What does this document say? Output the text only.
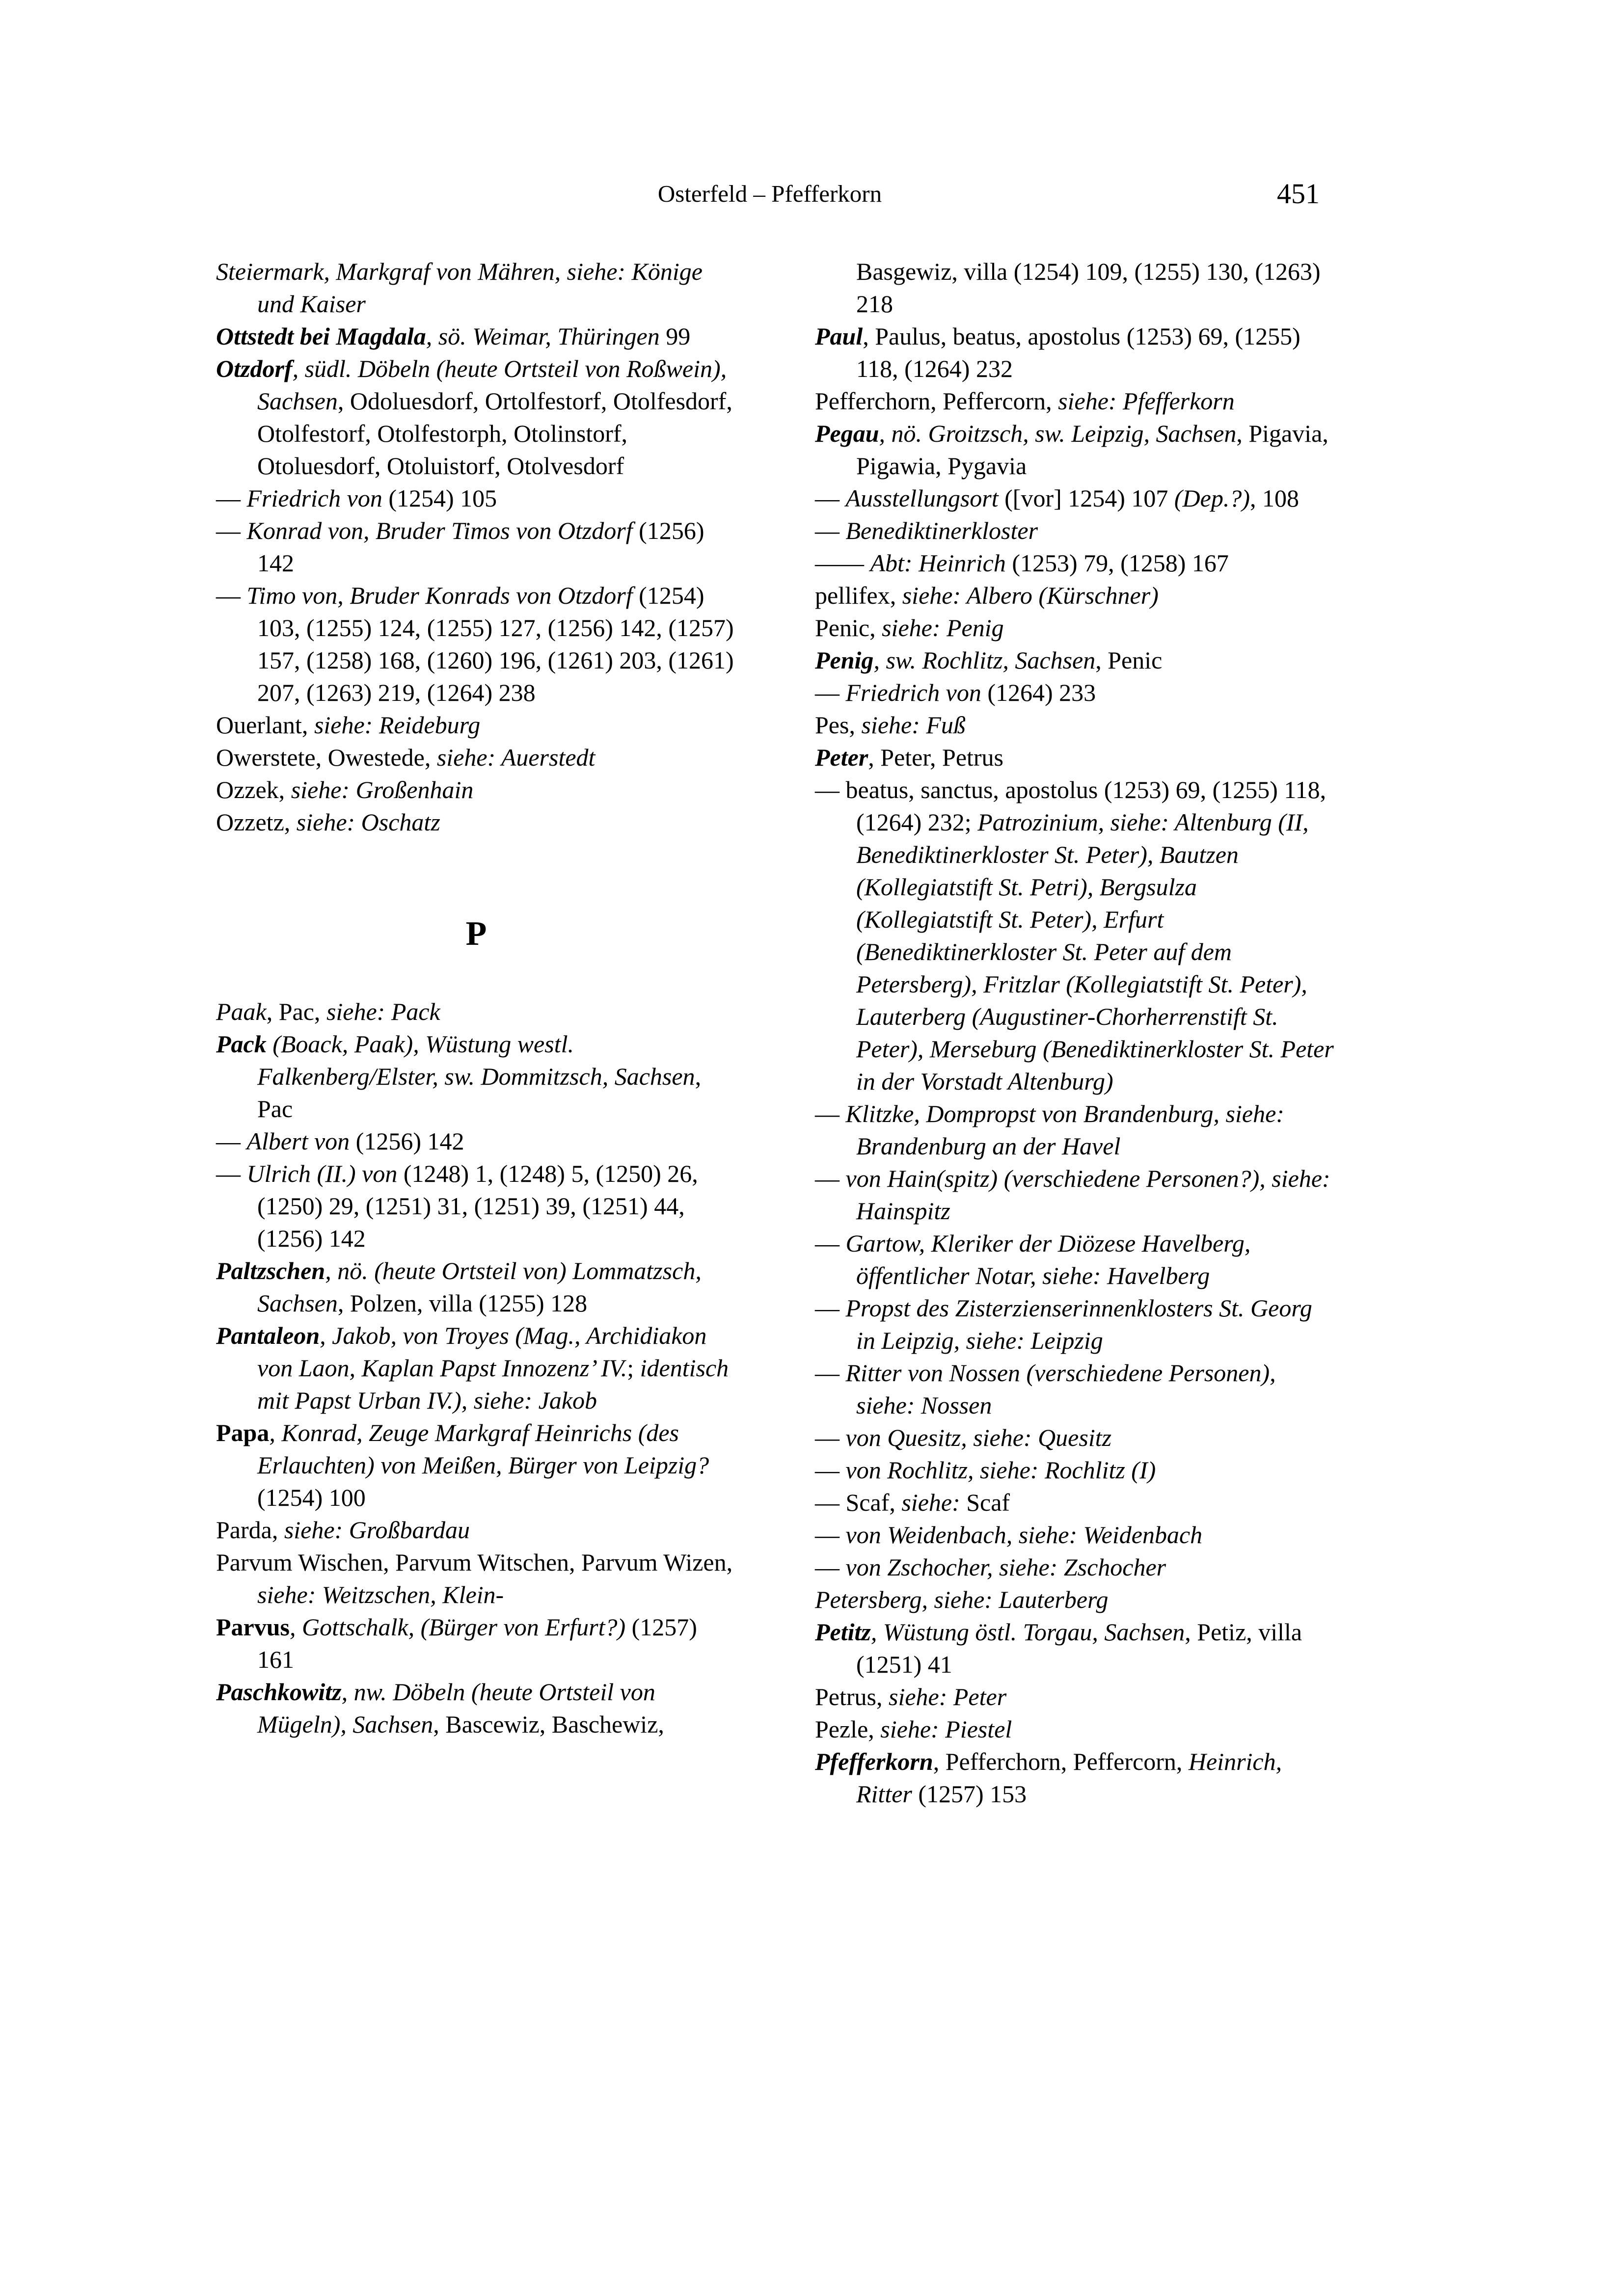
Osterfeld – Pfefferkorn	451
Steiermark, Markgraf von Mähren, siehe: Könige und Kaiser
Ottstedt bei Magdala, sö. Weimar, Thüringen 99
Otzdorf, südl. Döbeln (heute Ortsteil von Roßwein), Sachsen, Odoluesdorf, Ortolfestorf, Otolfesdorf, Otolfestorf, Otolfestorph, Otolinstorf, Otoluesdorf, Otoluistorf, Otolvesdorf
— Friedrich von (1254) 105
— Konrad von, Bruder Timos von Otzdorf (1256) 142
— Timo von, Bruder Konrads von Otzdorf (1254) 103, (1255) 124, (1255) 127, (1256) 142, (1257) 157, (1258) 168, (1260) 196, (1261) 203, (1261) 207, (1263) 219, (1264) 238
Ouerlant, siehe: Reideburg
Owerstete, Owestede, siehe: Auerstedt
Ozzek, siehe: Großenhain
Ozzetz, siehe: Oschatz
P
Paak, Pac, siehe: Pack
Pack (Boack, Paak), Wüstung westl. Falkenberg/Elster, sw. Dommitzsch, Sachsen, Pac
— Albert von (1256) 142
— Ulrich (II.) von (1248) 1, (1248) 5, (1250) 26, (1250) 29, (1251) 31, (1251) 39, (1251) 44, (1256) 142
Paltzschen, nö. (heute Ortsteil von) Lommatzsch, Sachsen, Polzen, villa (1255) 128
Pantaleon, Jakob, von Troyes (Mag., Archidiakon von Laon, Kaplan Papst Innozenz’ IV.; identisch mit Papst Urban IV.), siehe: Jakob
Papa, Konrad, Zeuge Markgraf Heinrichs (des Erlauchten) von Meißen, Bürger von Leipzig? (1254) 100
Parda, siehe: Großbardau
Parvum Wischen, Parvum Witschen, Parvum Wizen, siehe: Weitzschen, Klein-
Parvus, Gottschalk, (Bürger von Erfurt?) (1257) 161
Paschkowitz, nw. Döbeln (heute Ortsteil von Mügeln), Sachsen, Bascewiz, Baschewiz,
Basgewiz, villa (1254) 109, (1255) 130, (1263) 218
Paul, Paulus, beatus, apostolus (1253) 69, (1255) 118, (1264) 232
Pefferchorn, Peffercorn, siehe: Pfefferkorn
Pegau, nö. Groitzsch, sw. Leipzig, Sachsen, Pigavia, Pigawia, Pygavia
— Ausstellungsort ([vor] 1254) 107 (Dep.?), 108
— Benediktinerkloster
—— Abt: Heinrich (1253) 79, (1258) 167
pellifex, siehe: Albero (Kürschner)
Penic, siehe: Penig
Penig, sw. Rochlitz, Sachsen, Penic
— Friedrich von (1264) 233
Pes, siehe: Fuß
Peter, Peter, Petrus
— beatus, sanctus, apostolus (1253) 69, (1255) 118, (1264) 232; Patrozinium, siehe: Altenburg (II, Benediktinerkloster St. Peter), Bautzen (Kollegiatstift St. Petri), Bergsulza (Kollegiatstift St. Peter), Erfurt (Benediktinerkloster St. Peter auf dem Petersberg), Fritzlar (Kollegiatstift St. Peter), Lauterberg (Augustiner-Chorherrenstift St. Peter), Merseburg (Benediktinerkloster St. Peter in der Vorstadt Altenburg)
— Klitzke, Dompropst von Brandenburg, siehe: Brandenburg an der Havel
— von Hain(spitz) (verschiedene Personen?), siehe: Hainspitz
— Gartow, Kleriker der Diözese Havelberg, öffentlicher Notar, siehe: Havelberg
— Propst des Zisterzienserinnenklosters St. Georg in Leipzig, siehe: Leipzig
— Ritter von Nossen (verschiedene Personen), siehe: Nossen
— von Quesitz, siehe: Quesitz
— von Rochlitz, siehe: Rochlitz (I)
— Scaf, siehe: Scaf
— von Weidenbach, siehe: Weidenbach
— von Zschocher, siehe: Zschocher
Petersberg, siehe: Lauterberg
Petitz, Wüstung östl. Torgau, Sachsen, Petiz, villa (1251) 41
Petrus, siehe: Peter
Pezle, siehe: Piestel
Pfefferkorn, Pefferchorn, Peffercorn, Heinrich, Ritter (1257) 153
